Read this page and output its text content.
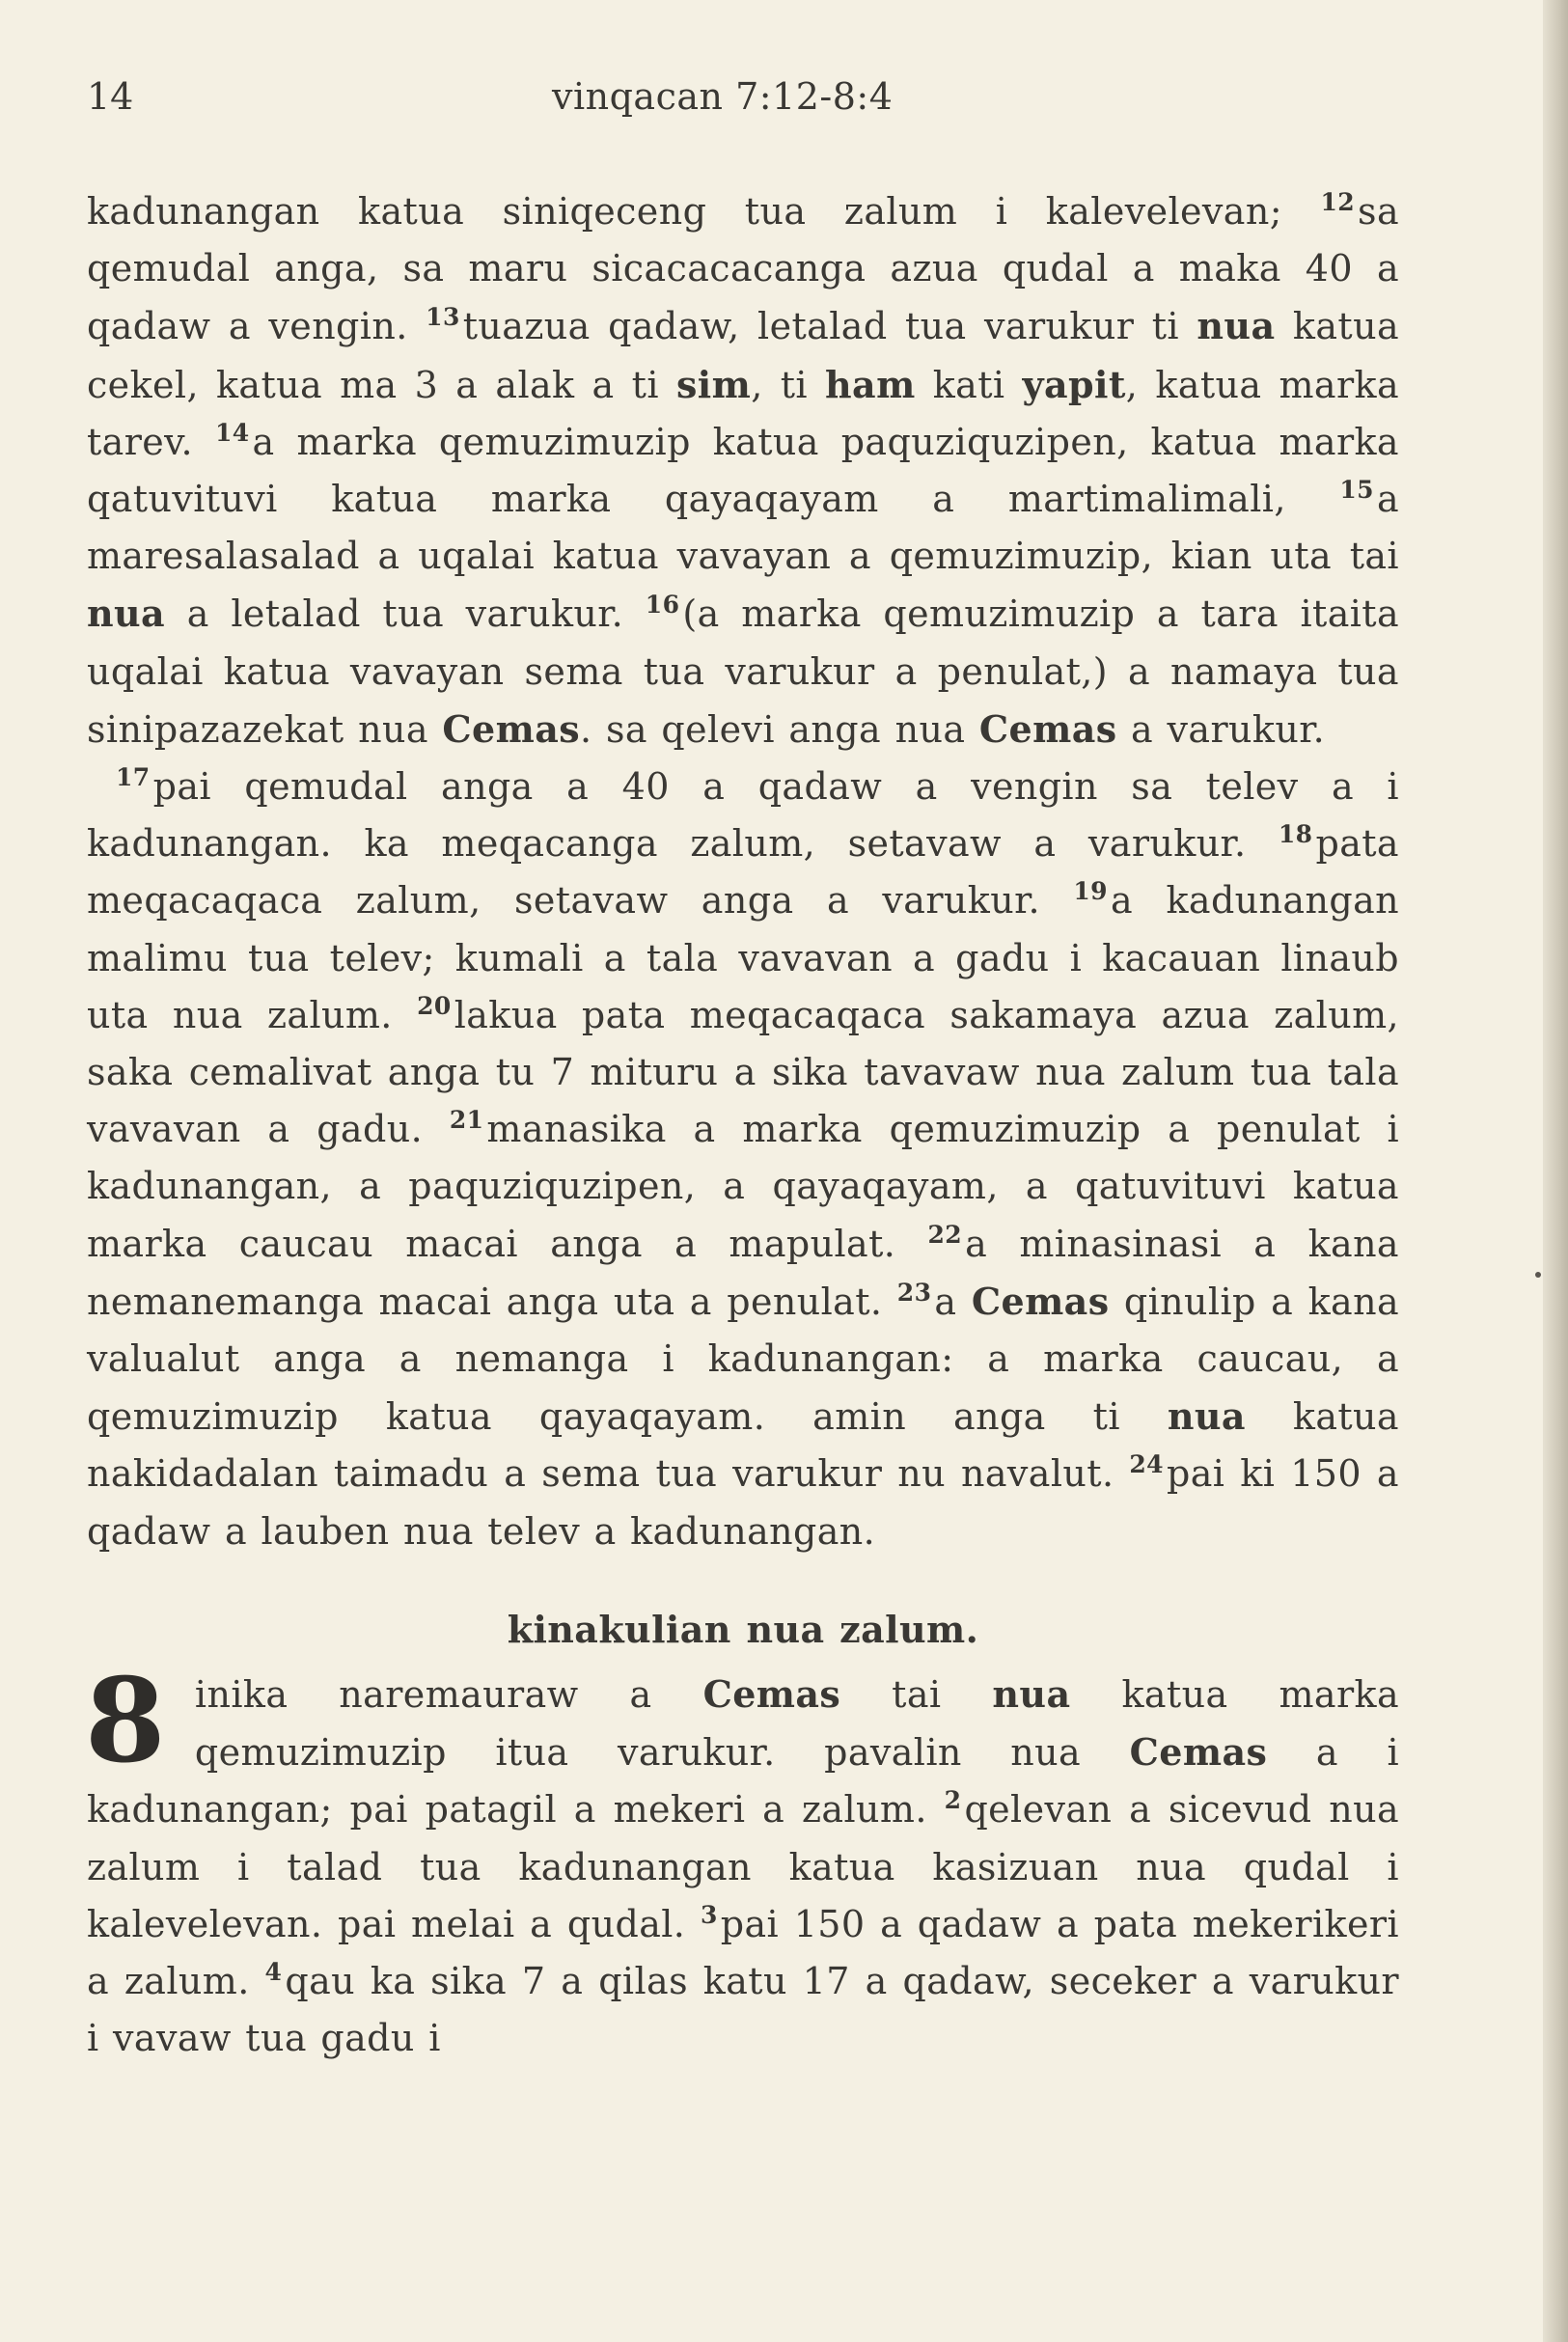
14	vinqacan 7:12-8:4

kadunangan katua siniqeceng tua zalum i kalevelevan; $^{12}$sa qemudal anga, sa maru sicacacacanga azua qudal a maka 40 a qadaw a vengin. $^{13}$tuazua qadaw, letalad tua varukur ti nua katua cekel, katua ma 3 a alak a ti sim, ti ham kati yapit, katua marka tarev. $^{14}$a marka qemuzimuzip katua paquziquzipen, katua marka qatuvituvi katua marka qayaqayam a martimalimali, $^{15}$a maresalasalad a uqalai katua vavayan a qemuzimuzip, kian uta tai nua a letalad tua varukur. $^{16}$(a marka qemuzimuzip a tara itaita uqalai katua vavayan sema tua varukur a penulat,) a namaya tua sinipazazekat nua Cemas. sa qelevi anga nua Cemas a varukur.

$^{17}$pai qemudal anga a 40 a qadaw a vengin sa telev a i kadunangan. ka meqacanga zalum, setavaw a varukur. $^{18}$pata meqacaqaca zalum, setavaw anga a varukur. $^{19}$a kadunangan malimu tua telev; kumali a tala vavavan a gadu i kacauan linaub uta nua zalum. $^{20}$lakua pata meqacaqaca sakamaya azua zalum, saka cemalivat anga tu 7 mituru a sika tavavaw nua zalum tua tala vavavan a gadu. $^{21}$manasika a marka qemuzimuzip a penulat i kadunangan, a paquziquzipen, a qayaqayam, a qatuvituvi katua marka caucau macai anga a mapulat. $^{22}$a minasinasi a kana nemanemanga macai anga uta a penulat. $^{23}$a Cemas qinulip a kana valualut anga a nemanga i kadunangan: a marka caucau, a qemuzimuzip katua qayaqayam. amin anga ti nua katua nakidadalan taimadu a sema tua varukur nu navalut. $^{24}$pai ki 150 a qadaw a lauben nua telev a kadunangan.

kinakulian nua zalum.

8 inika naremauraw a Cemas tai nua katua marka qemuzimuzip itua varukur. pavalin nua Cemas a i kadunangan; pai patagil a mekeri a zalum. $^2$qelevan a sicevud nua zalum i talad tua kadunangan katua kasizuan nua qudal i kalevelevan. pai melai a qudal. $^3$pai 150 a qadaw a pata mekerikeri a zalum. $^4$qau ka sika 7 a qilas katu 17 a qadaw, seceker a varukur i vavaw tua gadu i
